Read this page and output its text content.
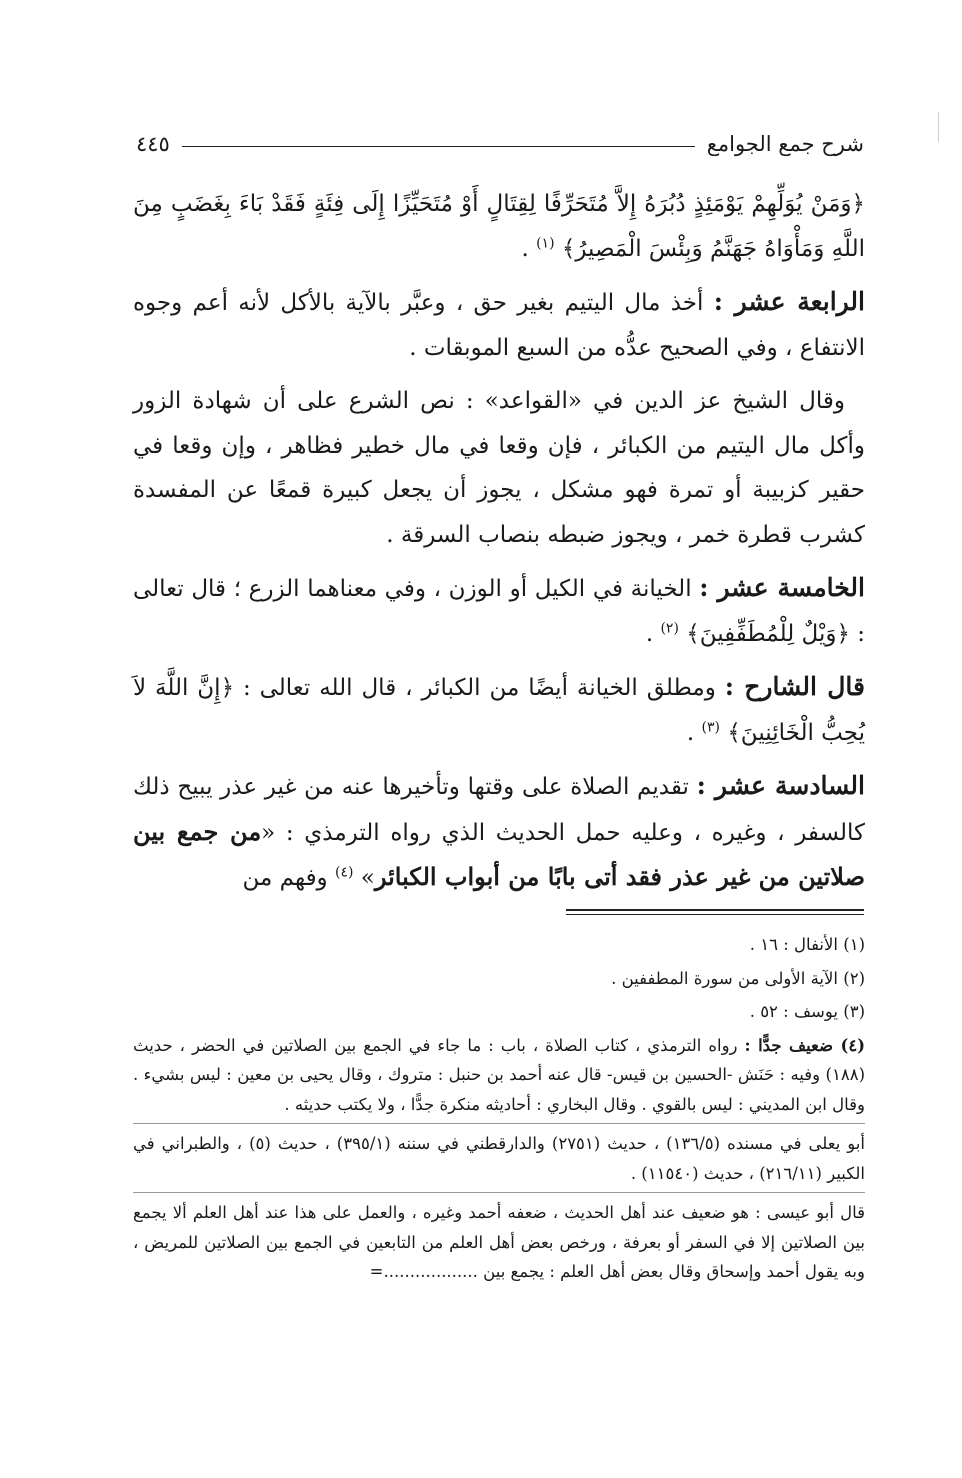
شرح جمع الجوامع
٤٤٥

﴿وَمَنْ يُوَلِّهِمْ يَوْمَئِذٍ دُبُرَهُ إِلاَّ مُتَحَرِّفًا لِقِتَالٍ أَوْ مُتَحَيِّزًا إِلَى فِئَةٍ فَقَدْ بَاءَ بِغَضَبٍ مِنَ اللَّهِ وَمَأْوَاهُ جَهَنَّمُ وَبِئْسَ الْمَصِيرُ﴾ $^{(١)}$ .

الرابعة عشر : أخذ مال اليتيم بغير حق ، وعبَّر بالآية بالأكل لأنه أعم وجوه الانتفاع ، وفي الصحيح عدُّه من السبع الموبقات .

وقال الشيخ عز الدين في «القواعد» : نص الشرع على أن شهادة الزور وأكل مال اليتيم من الكبائر ، فإن وقعا في مال خطير فظاهر ، وإن وقعا في حقير كزبيبة أو تمرة فهو مشكل ، يجوز أن يجعل كبيرة قمعًا عن المفسدة كشرب قطرة خمر ، ويجوز ضبطه بنصاب السرقة .

الخامسة عشر : الخيانة في الكيل أو الوزن ، وفي معناهما الزرع ؛ قال تعالى : ﴿وَيْلٌ لِلْمُطَفِّفِينَ﴾ $^{(٢)}$ .

قال الشارح : ومطلق الخيانة أيضًا من الكبائر ، قال الله تعالى : ﴿إِنَّ اللَّهَ لاَ يُحِبُّ الْخَائِنِينَ﴾ $^{(٣)}$ .

السادسة عشر : تقديم الصلاة على وقتها وتأخيرها عنه من غير عذر يبيح ذلك كالسفر ، وغيره ، وعليه حمل الحديث الذي رواه الترمذي : «من جمع بين صلاتين من غير عذر فقد أتى بابًا من أبواب الكبائر» $^{(٤)}$ وفهم من

(١) الأنفال : ١٦ .

(٢) الآية الأولى من سورة المطففين .

(٣) يوسف : ٥٢ .

(٤) ضعيف جدًّا : رواه الترمذي ، كتاب الصلاة ، باب : ما جاء في الجمع بين الصلاتين في الحضر ، حديث (١٨٨) وفيه : حَنَش -الحسين بن قيس- قال عنه أحمد بن حنبل : متروك ، وقال يحيى بن معين : ليس بشيء . وقال ابن المديني : ليس بالقوي . وقال البخاري : أحاديثه منكرة جدًّا ، ولا يكتب حديثه .

أبو يعلى في مسنده (١٣٦/٥) ، حديث (٢٧٥١) والدارقطني في سننه (٣٩٥/١) ، حديث (٥) ، والطبراني في الكبير (٢١٦/١١) ، حديث (١١٥٤٠) .

قال أبو عيسى : هو ضعيف عند أهل الحديث ، ضعفه أحمد وغيره ، والعمل على هذا عند أهل العلم ألا يجمع بين الصلاتين إلا في السفر أو بعرفة ، ورخص بعض أهل العلم من التابعين في الجمع بين الصلاتين للمريض ، وبه يقول أحمد وإسحاق وقال بعض أهل العلم : يجمع بين ..................=
